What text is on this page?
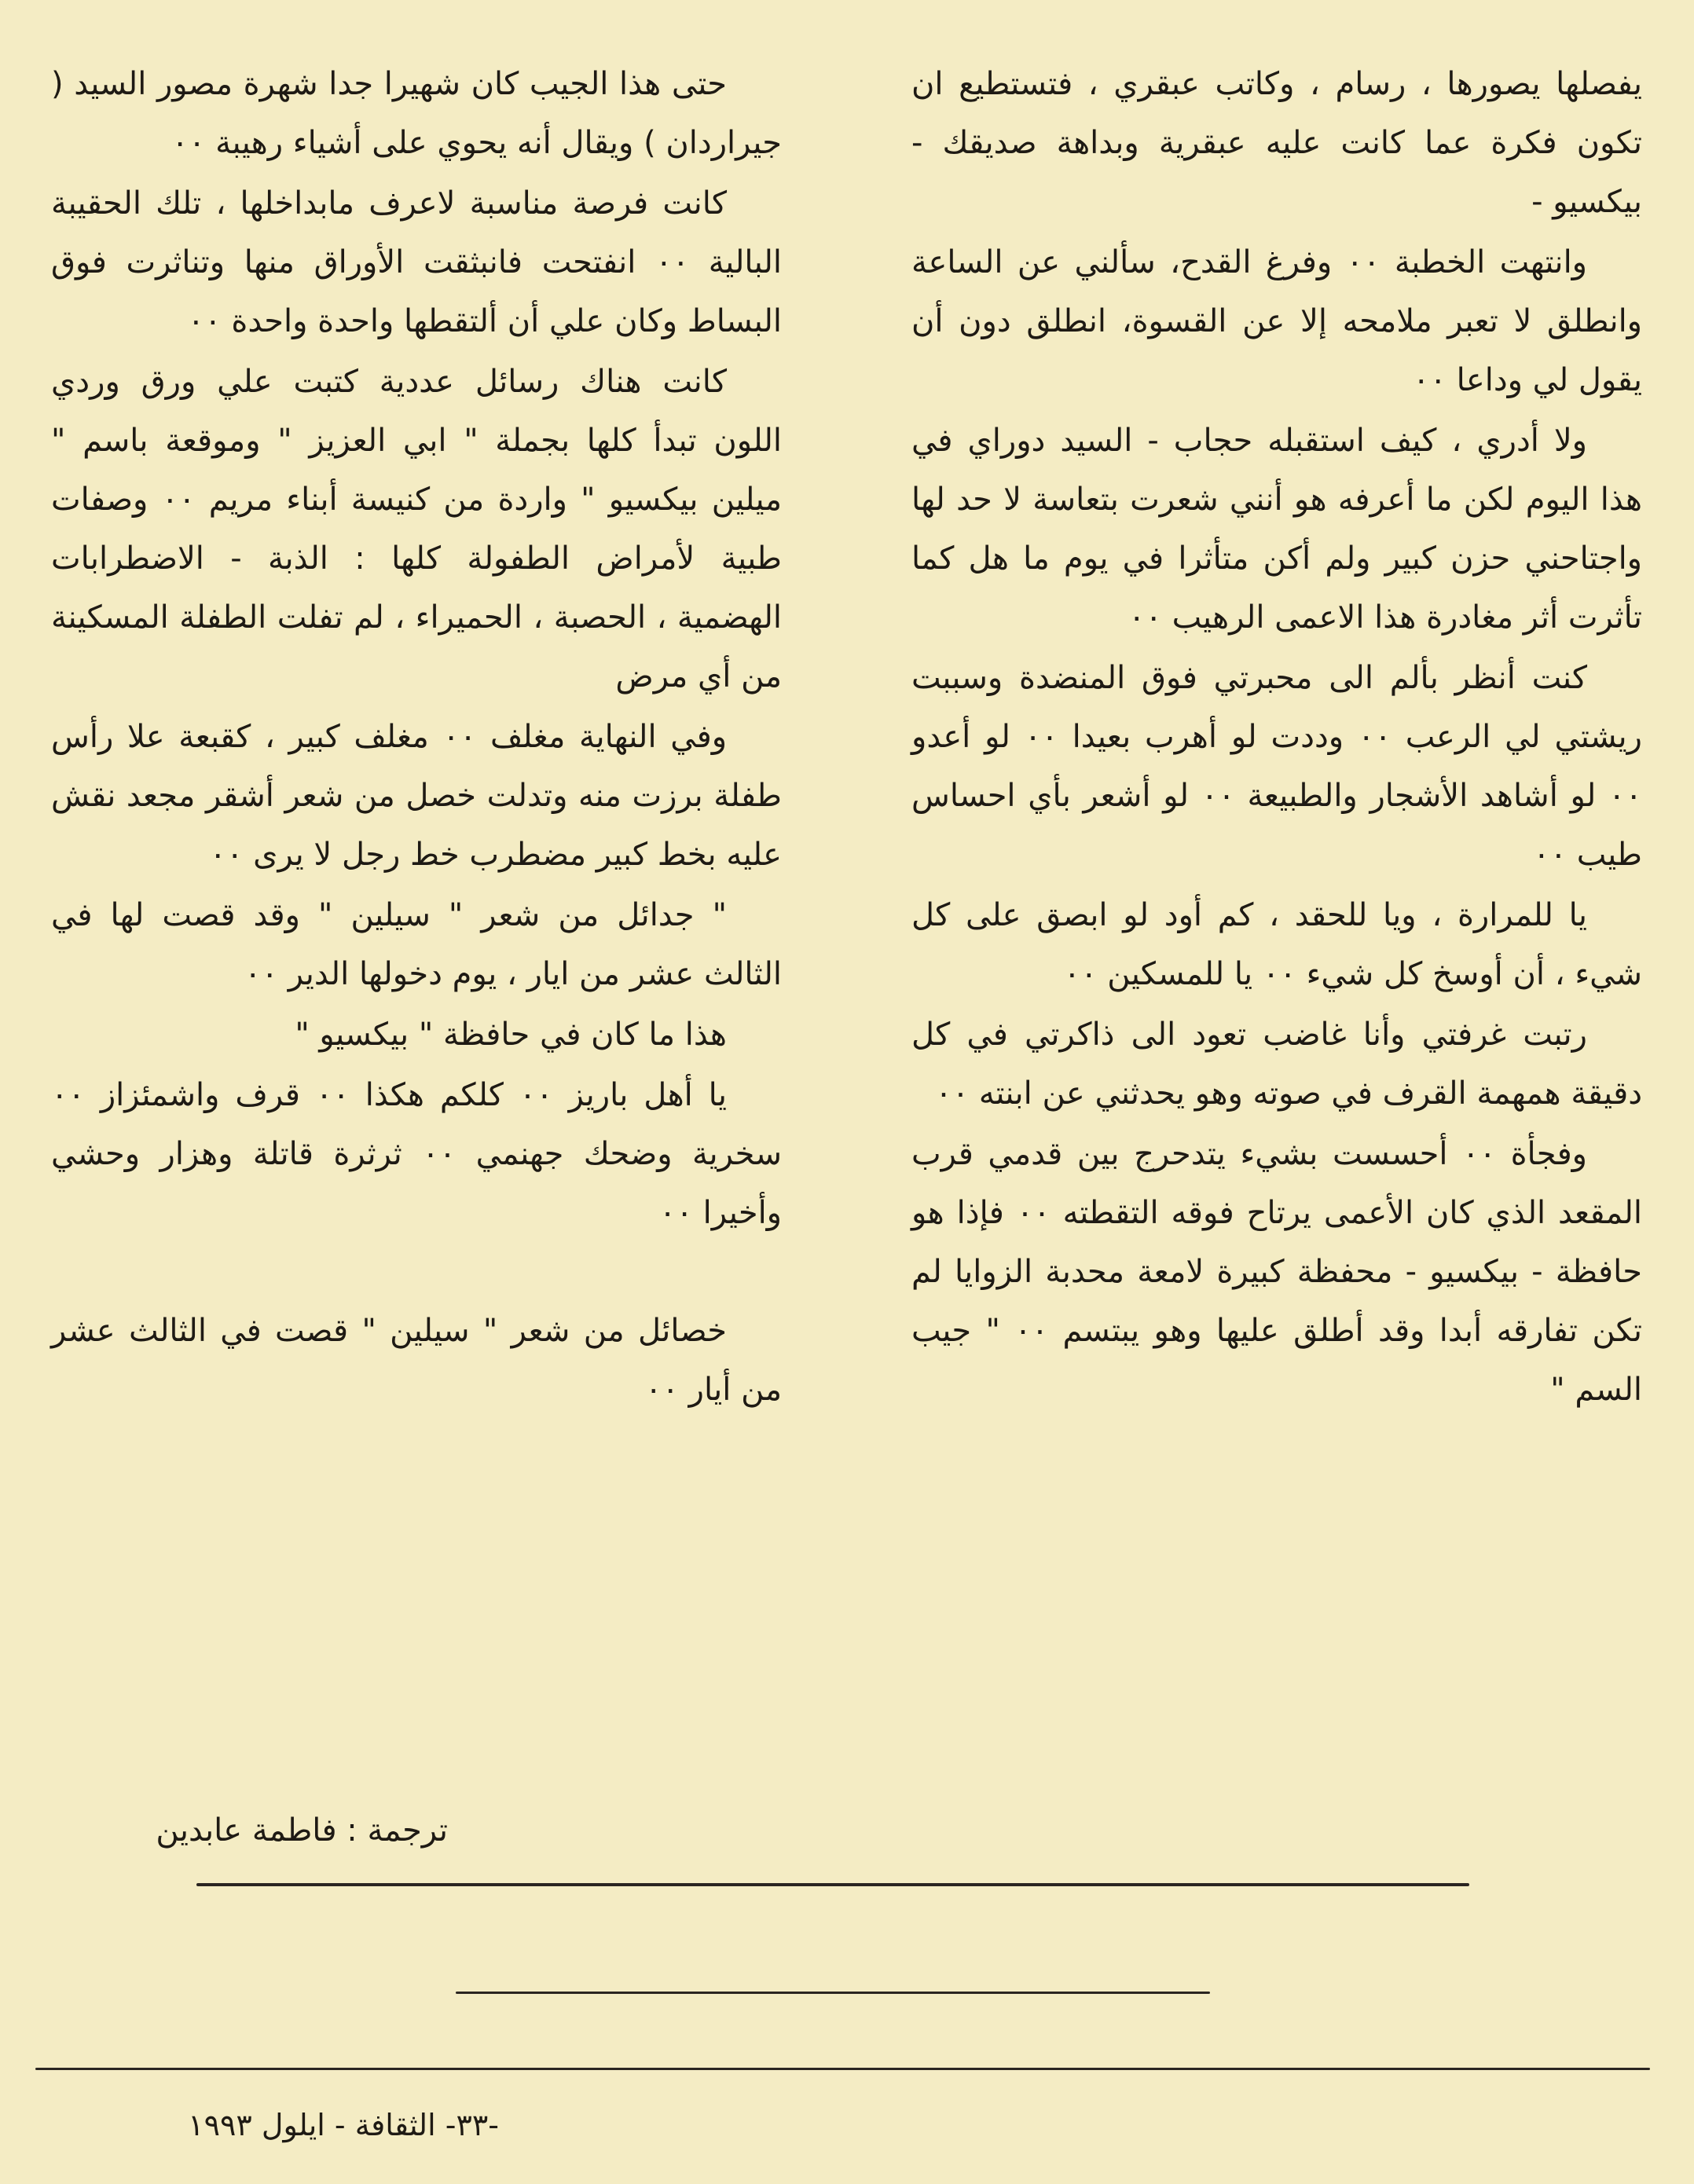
يفصلها يصورها ، رسام ، وكاتب عبقري ، فتستطيع ان تكون فكرة عما كانت عليه عبقرية وبداهة صديقك - بيكسيو -

وانتهت الخطبة ٠٠ وفرغ القدح، سألني عن الساعة وانطلق لا تعبر ملامحه إلا عن القسوة، انطلق دون أن يقول لي وداعا ٠٠

ولا أدري ، كيف استقبله حجاب - السيد دوراي في هذا اليوم لكن ما أعرفه هو أنني شعرت بتعاسة لا حد لها واجتاحني حزن كبير ولم أكن متأثرا في يوم ما هل كما تأثرت أثر مغادرة هذا الاعمى الرهيب ٠٠

كنت أنظر بألم الى محبرتي فوق المنضدة وسببت ريشتي لي الرعب ٠٠ وددت لو أهرب بعيدا ٠٠ لو أعدو ٠٠ لو أشاهد الأشجار والطبيعة ٠٠ لو أشعر بأي احساس طيب ٠٠

يا للمرارة ، ويا للحقد ، كم أود لو ابصق على كل شيء ، أن أوسخ كل شيء ٠٠ يا للمسكين ٠٠

رتبت غرفتي وأنا غاضب تعود الى ذاكرتي في كل دقيقة همهمة القرف في صوته وهو يحدثني عن ابنته ٠٠

وفجأة ٠٠ أحسست بشيء يتدحرج بين قدمي قرب المقعد الذي كان الأعمى يرتاح فوقه التقطته ٠٠ فإذا هو حافظة - بيكسيو - محفظة كبيرة لامعة محدبة الزوايا لم تكن تفارقه أبدا وقد أطلق عليها وهو يبتسم ٠٠ " جيب السم "

حتى هذا الجيب كان شهيرا جدا شهرة مصور السيد ( جيراردان ) ويقال أنه يحوي على أشياء رهيبة ٠٠

كانت فرصة مناسبة لاعرف مابداخلها ، تلك الحقيبة البالية ٠٠ انفتحت فانبثقت الأوراق منها وتناثرت فوق البساط وكان علي أن ألتقطها واحدة واحدة ٠٠

كانت هناك رسائل عددية كتبت علي ورق وردي اللون تبدأ كلها بجملة " ابي العزيز " وموقعة باسم " ميلين بيكسيو " واردة من كنيسة أبناء مريم ٠٠ وصفات طبية لأمراض الطفولة كلها : الذبة - الاضطرابات الهضمية ، الحصبة ، الحميراء ، لم تفلت الطفلة المسكينة من أي مرض

وفي النهاية مغلف ٠٠ مغلف كبير ، كقبعة علا رأس طفلة برزت منه وتدلت خصل من شعر أشقر مجعد نقش عليه بخط كبير مضطرب خط رجل لا يرى ٠٠

" جدائل من شعر " سيلين " وقد قصت لها في الثالث عشر من ايار ، يوم دخولها الدير ٠٠

هذا ما كان في حافظة " بيكسيو "

يا أهل باريز ٠٠ كلكم هكذا ٠٠ قرف واشمئزاز ٠٠ سخرية وضحك جهنمي ٠٠ ثرثرة قاتلة وهزار وحشي وأخيرا ٠٠

خصائل من شعر " سيلين " قصت في الثالث عشر من أيار ٠٠

ترجمة : فاطمة عابدين
-٣٣- الثقافة - ايلول ١٩٩٣
